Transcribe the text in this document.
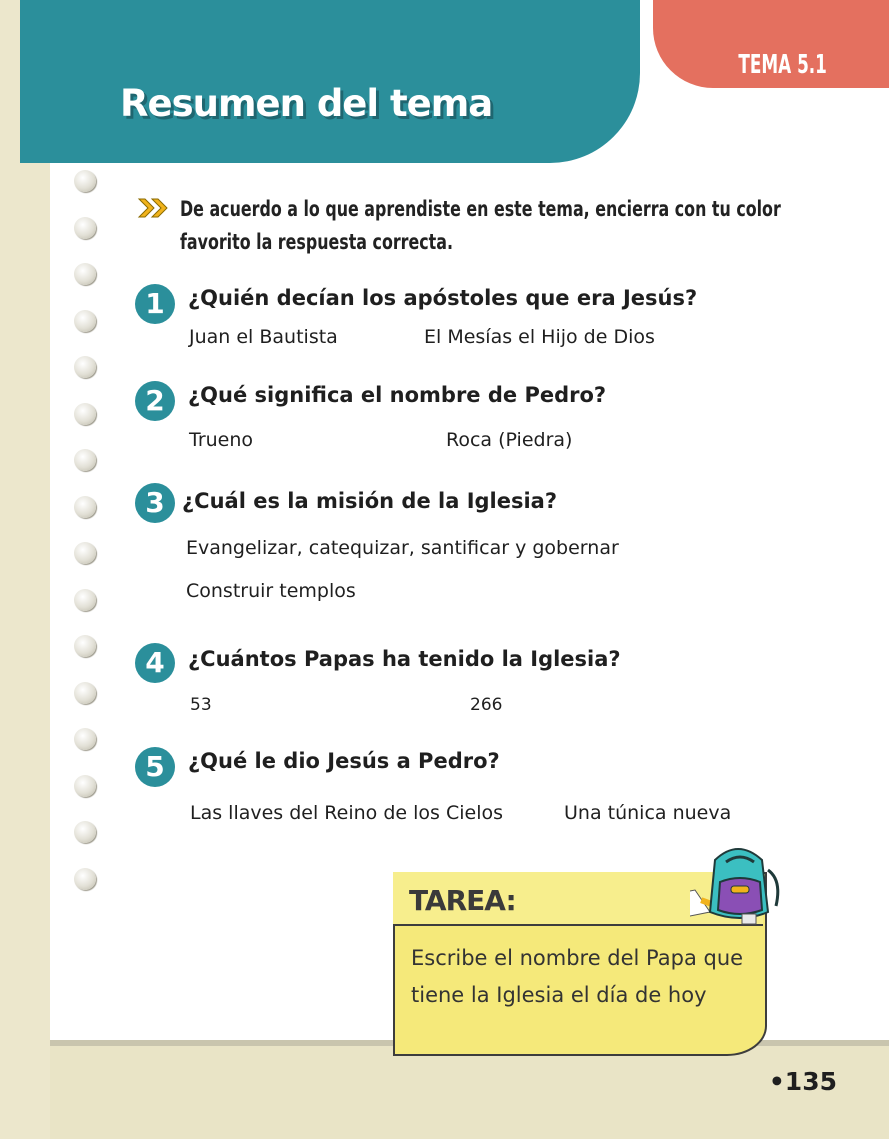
Resumen del tema
TEMA 5.1
De acuerdo a lo que aprendiste en este tema, encierra con tu color
favorito la respuesta correcta.
1	¿Quién decían los apóstoles que era Jesús?
Juan el Bautista	El Mesías el Hijo de Dios
2	¿Qué significa el nombre de Pedro?
Trueno	Roca (Piedra)
3 ¿Cuál es la misión de la Iglesia?
Evangelizar, catequizar, santificar y gobernar
Construir templos
4	¿Cuántos Papas ha tenido la Iglesia?
53	266
5	¿Qué le dio Jesús a Pedro?
Las llaves del Reino de los Cielos	Una túnica nueva
TAREA:
Escribe el nombre del Papa que
tiene la Iglesia el día de hoy
•135
